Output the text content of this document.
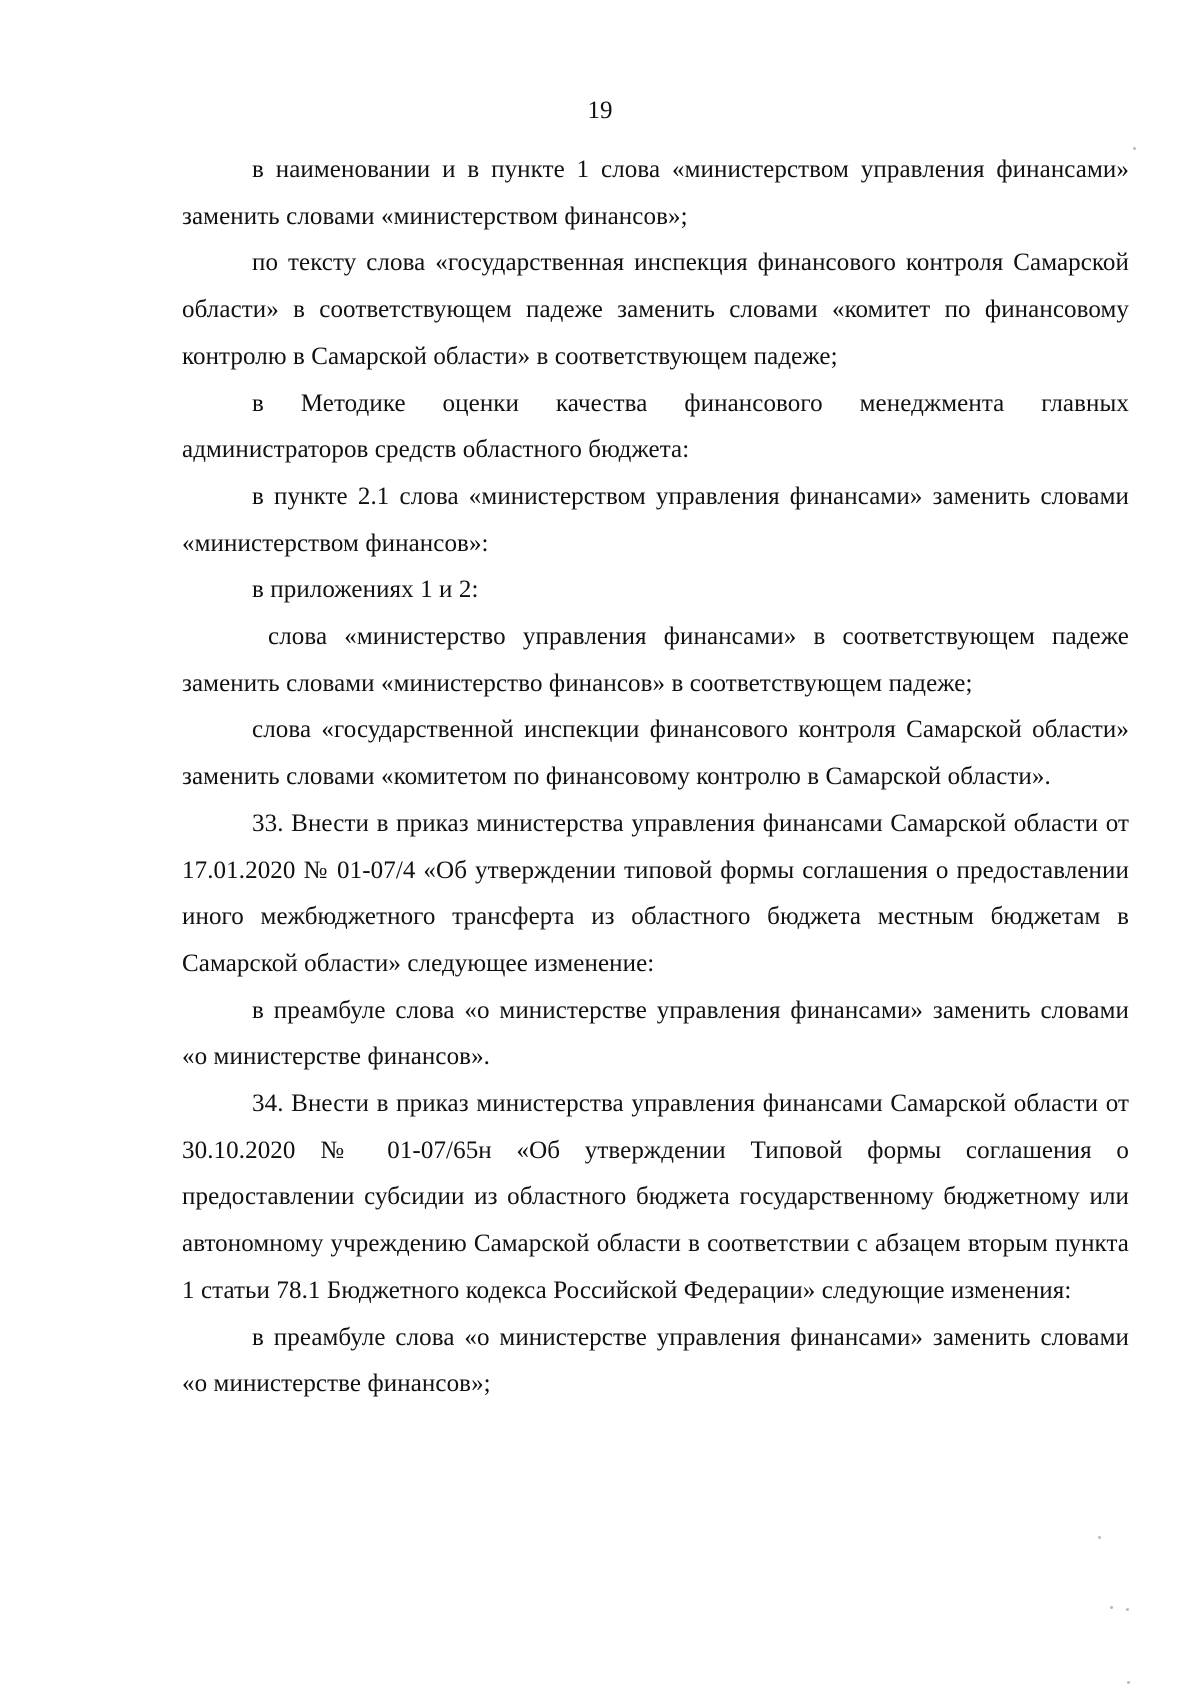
19

в наименовании и в пункте 1 слова «министерством управления финансами» заменить словами «министерством финансов»;

по тексту слова «государственная инспекция финансового контроля Самарской области» в соответствующем падеже заменить словами «комитет по финансовому контролю в Самарской области» в соответствующем падеже;

в Методике оценки качества финансового менеджмента главных администраторов средств областного бюджета:

в пункте 2.1 слова «министерством управления финансами» заменить словами «министерством финансов»:

в приложениях 1 и 2:

слова «министерство управления финансами» в соответствующем падеже заменить словами «министерство финансов» в соответствующем падеже;

слова «государственной инспекции финансового контроля Самарской области» заменить словами «комитетом по финансовому контролю в Самарской области».

33. Внести в приказ министерства управления финансами Самарской области от 17.01.2020 № 01-07/4 «Об утверждении типовой формы соглашения о предоставлении иного межбюджетного трансферта из областного бюджета местным бюджетам в Самарской области» следующее изменение:

в преамбуле слова «о министерстве управления финансами» заменить словами «о министерстве финансов».

34. Внести в приказ министерства управления финансами Самарской области от 30.10.2020 № 01-07/65н «Об утверждении Типовой формы соглашения о предоставлении субсидии из областного бюджета государственному бюджетному или автономному учреждению Самарской области в соответствии с абзацем вторым пункта 1 статьи 78.1 Бюджетного кодекса Российской Федерации» следующие изменения:

в преамбуле слова «о министерстве управления финансами» заменить словами «о министерстве финансов»;
